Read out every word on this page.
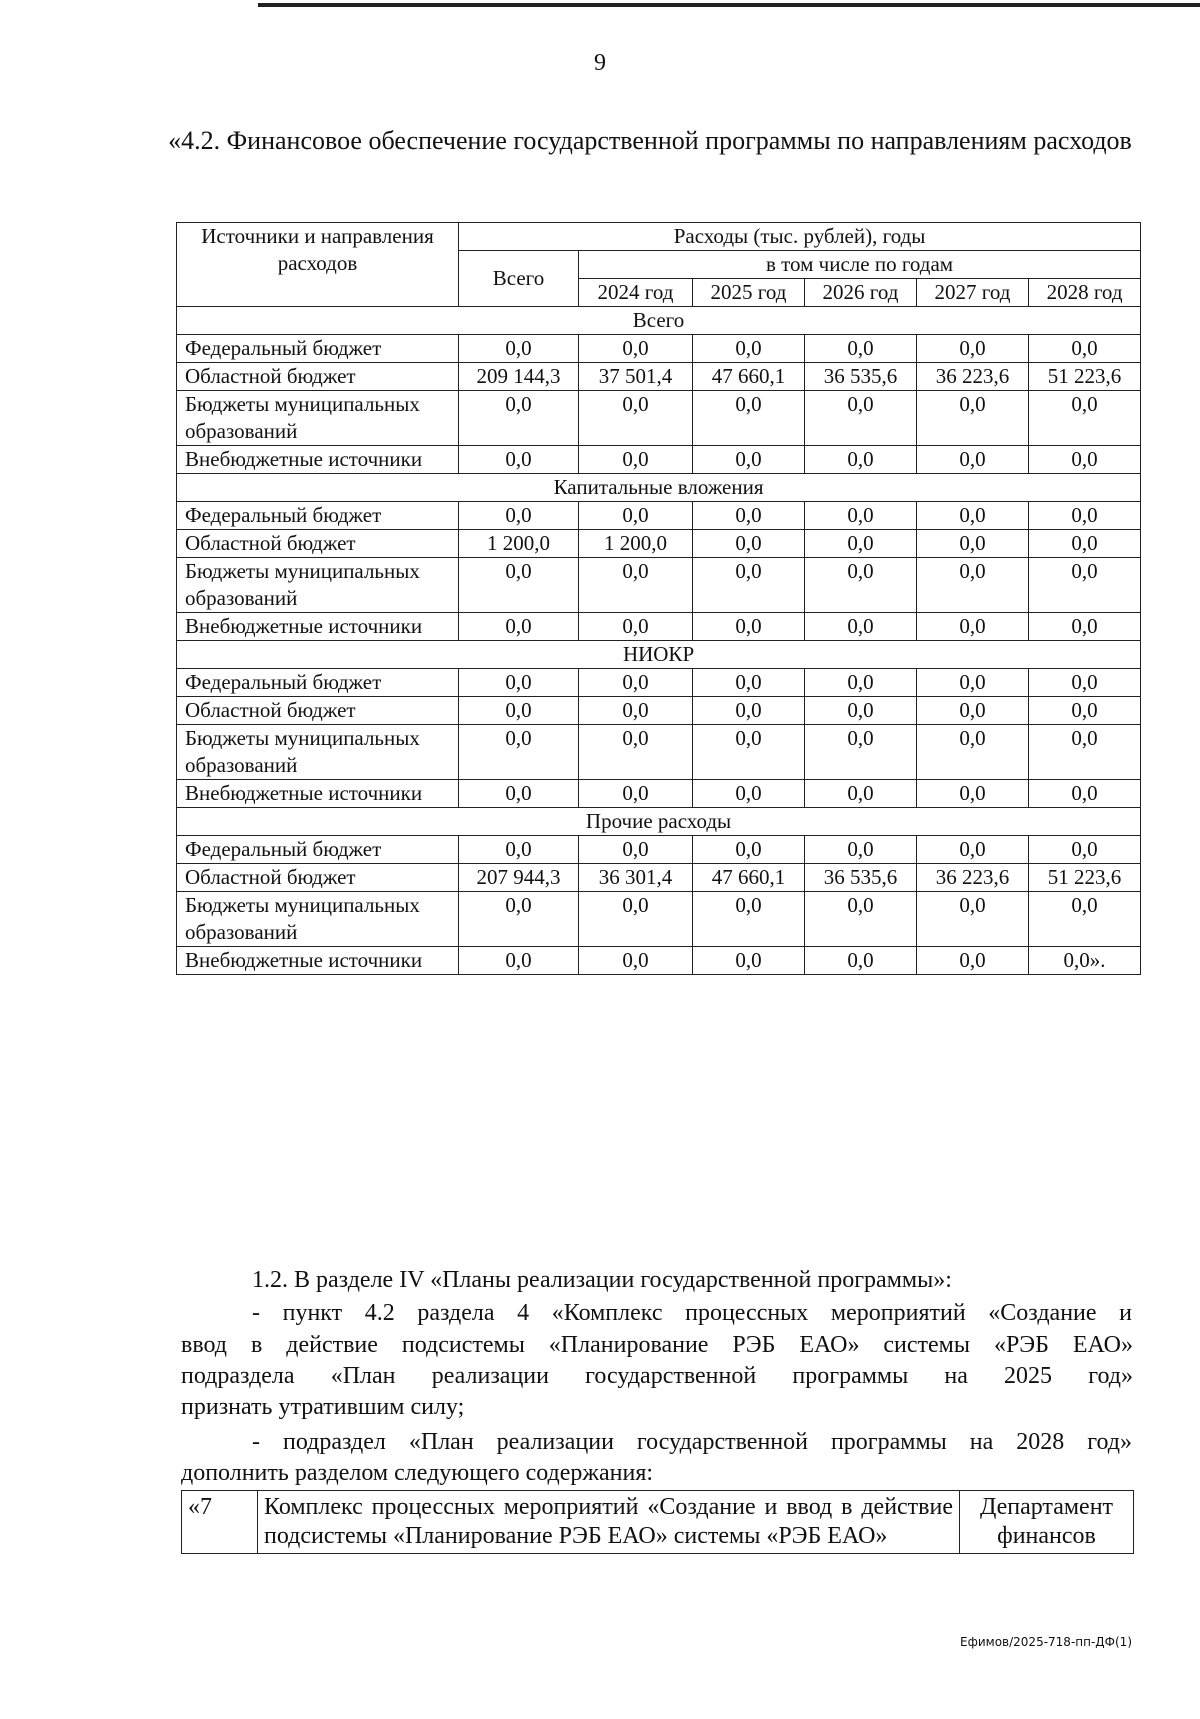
9
«4.2. Финансовое обеспечение государственной программы по направлениям расходов
Источники и направления расходов	Расходы (тыс. рублей), годы					
	Всего	в том числе по годам				
		2024 год	2025 год	2026 год	2027 год	2028 год
Всего						
Федеральный бюджет	0,0	0,0	0,0	0,0	0,0	0,0
Областной бюджет	209 144,3	37 501,4	47 660,1	36 535,6	36 223,6	51 223,6
Бюджеты муниципальных образований	0,0	0,0	0,0	0,0	0,0	0,0
Внебюджетные источники	0,0	0,0	0,0	0,0	0,0	0,0
Капитальные вложения						
Федеральный бюджет	0,0	0,0	0,0	0,0	0,0	0,0
Областной бюджет	1 200,0	1 200,0	0,0	0,0	0,0	0,0
Бюджеты муниципальных образований	0,0	0,0	0,0	0,0	0,0	0,0
Внебюджетные источники	0,0	0,0	0,0	0,0	0,0	0,0
НИОКР						
Федеральный бюджет	0,0	0,0	0,0	0,0	0,0	0,0
Областной бюджет	0,0	0,0	0,0	0,0	0,0	0,0
Бюджеты муниципальных образований	0,0	0,0	0,0	0,0	0,0	0,0
Внебюджетные источники	0,0	0,0	0,0	0,0	0,0	0,0
Прочие расходы						
Федеральный бюджет	0,0	0,0	0,0	0,0	0,0	0,0
Областной бюджет	207 944,3	36 301,4	47 660,1	36 535,6	36 223,6	51 223,6
Бюджеты муниципальных образований	0,0	0,0	0,0	0,0	0,0	0,0
Внебюджетные источники	0,0	0,0	0,0	0,0	0,0	0,0».
1.2. В разделе IV «Планы реализации государственной программы»:
- пункт 4.2 раздела 4 «Комплекс процессных мероприятий «Создание и
ввод в действие подсистемы «Планирование РЭБ ЕАО» системы «РЭБ ЕАО»
подраздела «План реализации государственной программы на 2025 год»
признать утратившим силу;
- подраздел «План реализации государственной программы на 2028 год»
дополнить разделом следующего содержания:
«7	Комплекс процессных мероприятий «Создание и ввод в действие подсистемы «Планирование РЭБ ЕАО» системы «РЭБ ЕАО»	Департамент финансов
Ефимов/2025-718-пп-ДФ(1)
